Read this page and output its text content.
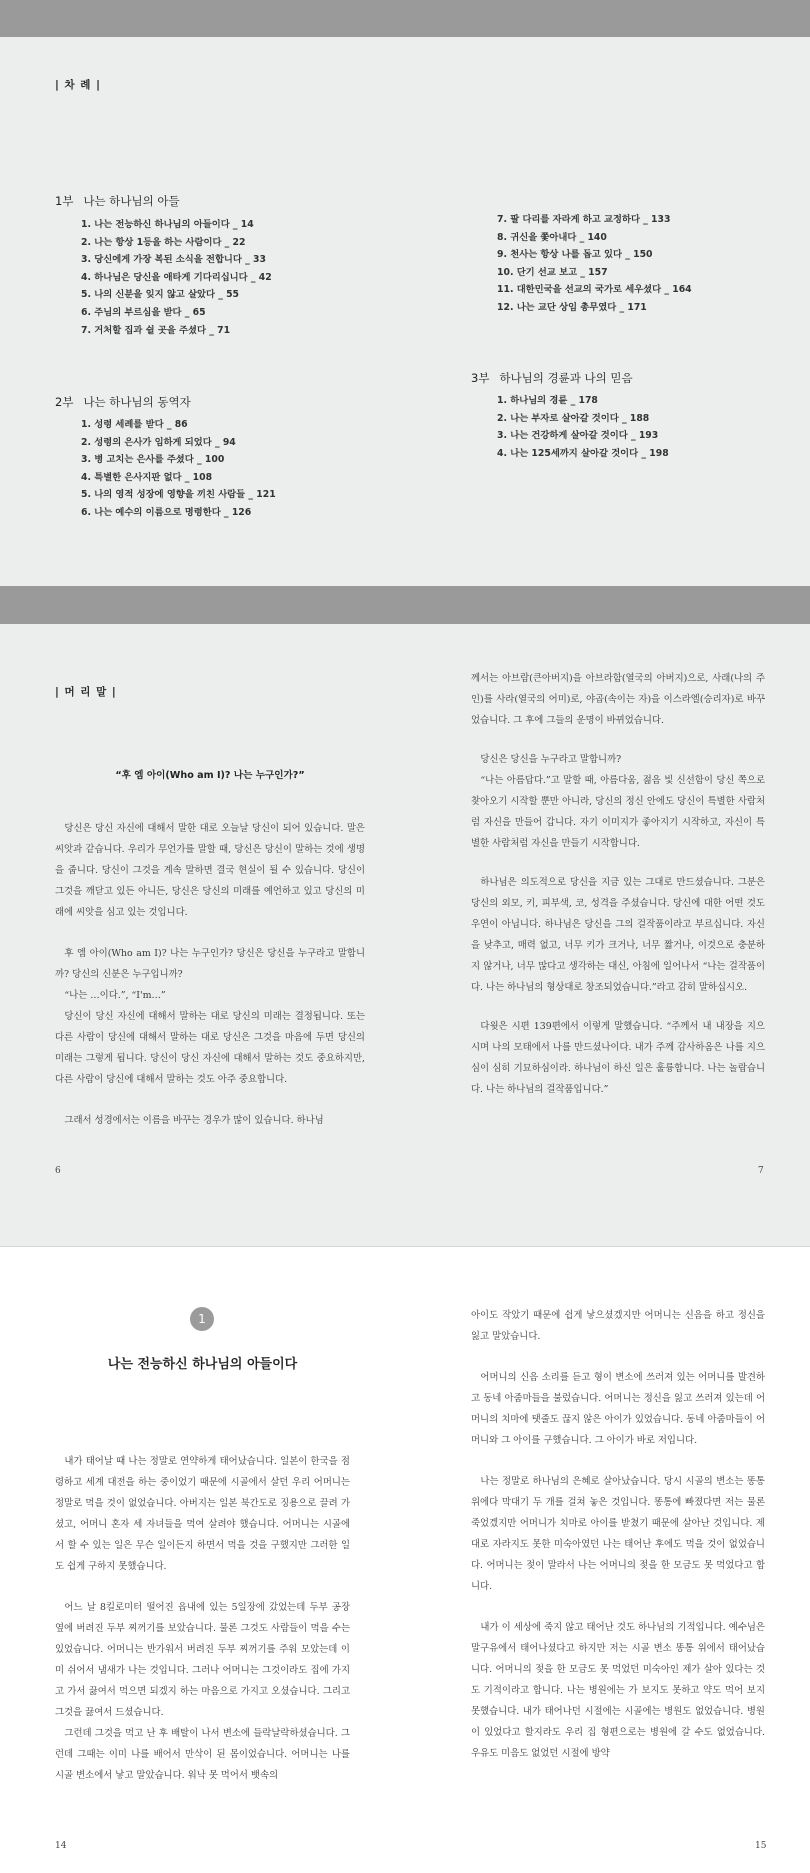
| 차 례 |
1부 나는 하나님의 아들
1. 나는 전능하신 하나님의 아들이다 _ 14
2. 나는 항상 1등을 하는 사람이다 _ 22
3. 당신에게 가장 복된 소식을 전합니다 _ 33
4. 하나님은 당신을 애타게 기다리십니다 _ 42
5. 나의 신분을 잊지 않고 살았다 _ 55
6. 주님의 부르심을 받다 _ 65
7. 거처할 집과 쉴 곳을 주셨다 _ 71
2부 나는 하나님의 동역자
1. 성령 세례를 받다 _ 86
2. 성령의 은사가 임하게 되었다 _ 94
3. 병 고치는 은사를 주셨다 _ 100
4. 특별한 은사지판 없다 _ 108
5. 나의 영적 성장에 영향을 끼친 사람들 _ 121
6. 나는 예수의 이름으로 명령한다 _ 126
7. 팔 다리를 자라게 하고 교정하다 _ 133
8. 귀신을 쫓아내다 _ 140
9. 천사는 항상 나를 돕고 있다 _ 150
10. 단기 선교 보고 _ 157
11. 대한민국을 선교의 국가로 세우셨다 _ 164
12. 나는 교단 상임 총무였다 _ 171
3부 하나님의 경륜과 나의 믿음
1. 하나님의 경륜 _ 178
2. 나는 부자로 살아갈 것이다 _ 188
3. 나는 건강하게 살아갈 것이다 _ 193
4. 나는 125세까지 살아갈 것이다 _ 198
| 머 리 말 |
“후 엠 아이(Who am I)? 나는 누구인가?”

당신은 당신 자신에 대해서 말한 대로 오늘날 당신이 되어 있습니다. 말은 씨앗과 같습니다. 우리가 무언가를 말할 때, 당신은 당신이 말하는 것에 생명을 줍니다. 당신이 그것을 계속 말하면 결국 현실이 될 수 있습니다. 당신이 그것을 깨닫고 있든 아니든, 당신은 당신의 미래를 예언하고 있고 당신의 미래에 씨앗을 심고 있는 것입니다.

후 엠 아이(Who am I)? 나는 누구인가? 당신은 당신을 누구라고 말합니까? 당신의 신분은 누구입니까?

“나는 …이다.”, “I'm…”

당신이 당신 자신에 대해서 말하는 대로 당신의 미래는 결정됩니다. 또는 다른 사람이 당신에 대해서 말하는 대로 당신은 그것을 마음에 두면 당신의 미래는 그렇게 됩니다. 당신이 당신 자신에 대해서 말하는 것도 중요하지만, 다른 사람이 당신에 대해서 말하는 것도 아주 중요합니다.

그래서 성경에서는 이름을 바꾸는 경우가 많이 있습니다. 하나님

께서는 아브람(큰아버지)을 아브라함(열국의 아버지)으로, 사래(나의 주인)를 사라(열국의 어미)로, 야곱(속이는 자)을 이스라엘(승리자)로 바꾸었습니다. 그 후에 그들의 운명이 바뀌었습니다.

당신은 당신을 누구라고 말합니까?

“나는 아름답다.”고 말할 때, 아름다움, 젊음 빛 신선함이 당신 쪽으로 찾아오기 시작할 뿐만 아니라, 당신의 정신 안에도 당신이 특별한 사람처럼 자신을 만들어 갑니다. 자기 이미지가 좋아지기 시작하고, 자신이 특별한 사람처럼 자신을 만들기 시작합니다.

하나님은 의도적으로 당신을 지금 있는 그대로 만드셨습니다. 그분은 당신의 외모, 키, 피부색, 코, 성격을 주셨습니다. 당신에 대한 어떤 것도 우연이 아닙니다. 하나님은 당신을 그의 걸작품이라고 부르십니다. 자신을 낮추고, 매력 없고, 너무 키가 크거나, 너무 짧거나, 이것으로 충분하지 않거나, 너무 많다고 생각하는 대신, 아침에 일어나서 “나는 걸작품이다. 나는 하나님의 형상대로 창조되었습니다.”라고 감히 말하십시오.

다윗은 시편 139편에서 이렇게 말했습니다. “주께서 내 내장을 지으시며 나의 모태에서 나를 만드셨나이다. 내가 주께 감사하옴은 나를 지으심이 심히 기묘하심이라. 하나님이 하신 일은 훌륭합니다. 나는 놀랍습니다. 나는 하나님의 걸작품입니다.”

6	7
1
나는 전능하신 하나님의 아들이다

내가 태어날 때 나는 정말로 연약하게 태어났습니다. 일본이 한국을 점령하고 세계 대전을 하는 중이었기 때문에 시골에서 살던 우리 어머니는 정말로 먹을 것이 없었습니다. 아버지는 일본 북간도로 징용으로 끌려 가셨고, 어머니 혼자 세 자녀들을 먹여 살려야 했습니다. 어머니는 시골에서 할 수 있는 일은 무슨 일이든지 하면서 먹을 것을 구했지만 그러한 일도 쉽게 구하지 못했습니다.

어느 날 8킬로미터 떨어진 읍내에 있는 5일장에 갔었는데 두부 공장 옆에 버려진 두부 찌꺼기를 보았습니다. 물론 그것도 사람들이 먹을 수는 있었습니다. 어머니는 반가워서 버려진 두부 찌꺼기를 주워 모았는데 이미 쉬어서 냄새가 나는 것입니다. 그러나 어머니는 그것이라도 집에 가지고 가서 끓여서 먹으면 되겠지 하는 마음으로 가지고 오셨습니다. 그리고 그것을 끓여서 드셨습니다.

그런데 그것을 먹고 난 후 배탈이 나서 변소에 들락날락하셨습니다. 그런데 그때는 이미 나를 배어서 만삭이 된 몸이었습니다. 어머니는 나를 시골 변소에서 낳고 말았습니다. 워낙 못 먹어서 뱃속의

아이도 작았기 때문에 쉽게 낳으셨겠지만 어머니는 신음을 하고 정신을 잃고 말았습니다.

어머니의 신음 소리를 듣고 형이 변소에 쓰러져 있는 어머니를 발견하고 동네 아줌마들을 불렀습니다. 어머니는 정신을 잃고 쓰러져 있는데 어머니의 치마에 탯줄도 끊지 않은 아이가 있었습니다. 동네 아줌마들이 어머니와 그 아이를 구했습니다. 그 아이가 바로 저입니다.

나는 정말로 하나님의 은혜로 살아났습니다. 당시 시골의 변소는 똥통 위에다 막대기 두 개를 걸쳐 놓은 것입니다. 똥통에 빠졌다면 저는 물론 죽었겠지만 어머니가 치마로 아이를 받쳤기 때문에 살아난 것입니다. 제대로 자라지도 못한 미숙아였던 나는 태어난 후에도 먹을 것이 없었습니다. 어머니는 젖이 말라서 나는 어머니의 젖을 한 모금도 못 먹었다고 합니다.

내가 이 세상에 죽지 않고 태어난 것도 하나님의 기적입니다. 예수님은 말구유에서 태어나셨다고 하지만 저는 시골 변소 똥통 위에서 태어났습니다. 어머니의 젖을 한 모금도 못 먹었던 미숙아인 제가 살아 있다는 것도 기적이라고 합니다. 나는 병원에는 가 보지도 못하고 약도 먹어 보지 못했습니다. 내가 태어나던 시절에는 시골에는 병원도 없었습니다. 병원이 있었다고 할지라도 우리 집 형편으로는 병원에 갈 수도 없었습니다. 우유도 미음도 없었던 시절에 방약

14	15
